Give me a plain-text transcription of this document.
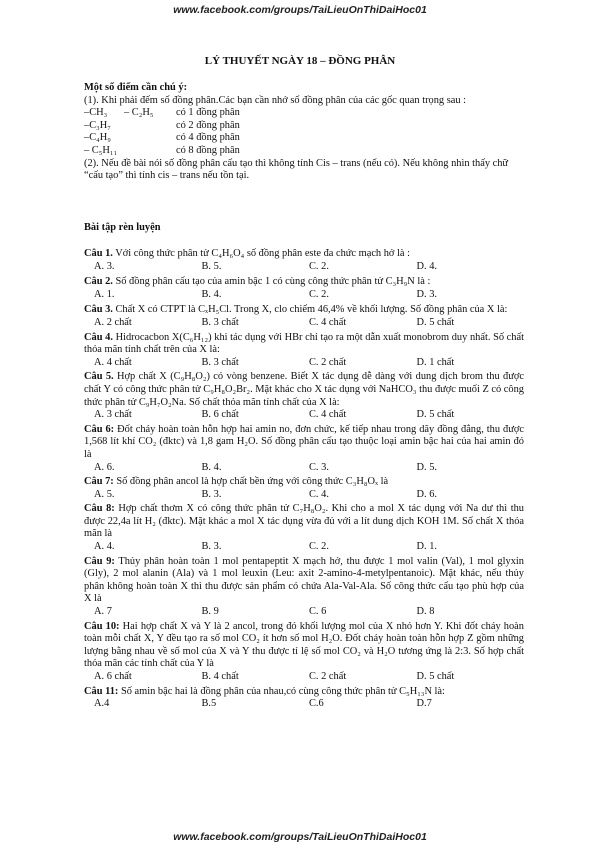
www.facebook.com/groups/TaiLieuOnThiDaiHoc01
LÝ THUYẾT NGÀY 18 – ĐỒNG PHÂN
Một số điểm cần chú ý:
(1). Khi phải đếm số đồng phân.Các bạn cần nhớ số đồng phân của các gốc quan trọng sau :
–CH₃	– C₂H₅	có 1 đồng phân
–C₃H₇	có 2 đồng phân
–C₄H₉	có 4 đồng phân
– C₅H₁₁	có 8 đồng phân
(2). Nếu đề bài nói số đồng phân cấu tạo thì không tính Cis – trans (nếu có). Nếu không nhìn thấy chữ “cấu tạo” thì tính cis – trans nếu tồn tại.
Bài tập rèn luyện
Câu 1. Với công thức phân tử C₄H₆O₄ số đồng phân este đa chức mạch hở là :
A. 3.	B. 5.	C. 2.	D. 4.
Câu 2. Số đồng phân cấu tạo của amin bậc 1 có cùng công thức phân tử C₃H₉N là :
A. 1.	B. 4.	C. 2.	D. 3.
Câu 3. Chất X có CTPT là CₓH₅Cl. Trong X, clo chiếm 46,4% về khối lượng. Số đồng phân của X là:
A. 2 chất	B. 3 chất	C. 4 chất	D. 5 chất
Câu 4. Hidrocacbon X(C₆H₁₂) khi tác dụng với HBr chỉ tạo ra một dẫn xuất monobrom duy nhất. Số chất thỏa mãn tính chất trên của X là:
A. 4 chất	B. 3 chất	C. 2 chất	D. 1 chất
Câu 5. Hợp chất X (C₉H₈O₂) có vòng benzene. Biết X tác dụng dễ dàng với dung dịch brom thu được chất Y có công thức phân tử C₉H₈O₂Br₂. Mặt khác cho X tác dụng với NaHCO₃ thu được muối Z có công thức phân tử C₉H₇O₂Na. Số chất thỏa mãn tính chất của X là:
A. 3 chất	B. 6 chất	C. 4 chất	D. 5 chất
Câu 6: Đốt cháy hoàn toàn hỗn hợp hai amin no, đơn chức, kế tiếp nhau trong dãy đồng đẳng, thu được 1,568 lít khí CO₂ (đktc) và 1,8 gam H₂O. Số đồng phân cấu tạo thuộc loại amin bậc hai của hai amin đó là
A. 6.	B. 4.	C. 3.	D. 5.
Câu 7: Số đồng phân ancol là hợp chất bền ứng với công thức C₃H₈Oₓ là
A. 5.	B. 3.	C. 4.	D. 6.
Câu 8: Hợp chất thơm X có công thức phân tử C₇H₈O₂. Khi cho a mol X tác dụng với Na dư thì thu được 22,4a lít H₂ (đktc). Mặt khác a mol X tác dụng vừa đủ với a lít dung dịch KOH 1M. Số chất X thỏa mãn là
A. 4.	B. 3.	C. 2.	D. 1.
Câu 9: Thủy phân hoàn toàn 1 mol pentapeptit X mạch hở, thu được 1 mol valin (Val), 1 mol glyxin (Gly), 2 mol alanin (Ala) và 1 mol leuxin (Leu: axit 2-amino-4-metylpentanoic). Mặt khác, nếu thủy phân không hoàn toàn X thì thu được sản phẩm có chứa Ala-Val-Ala. Số công thức cấu tạo phù hợp của X là
A. 7	B. 9	C. 6	D. 8
Câu 10: Hai hợp chất X và Y là 2 ancol, trong đó khối lượng mol của X nhỏ hơn Y. Khi đốt cháy hoàn toàn mỗi chất X, Y đều tạo ra số mol CO₂ ít hơn số mol H₂O. Đốt cháy hoàn toàn hỗn hợp Z gồm những lượng bằng nhau về số mol của X và Y thu được tỉ lệ số mol CO₂ và H₂O tương ứng là 2:3. Số hợp chất thỏa mãn các tính chất của Y là
A. 6 chất	B. 4 chất	C. 2 chất	D. 5 chất
Câu 11: Số amin bậc hai là đồng phân của nhau,có cùng công thức phân tử C₅H₁₃N là:
A.4	B.5	C.6	D.7
www.facebook.com/groups/TaiLieuOnThiDaiHoc01
